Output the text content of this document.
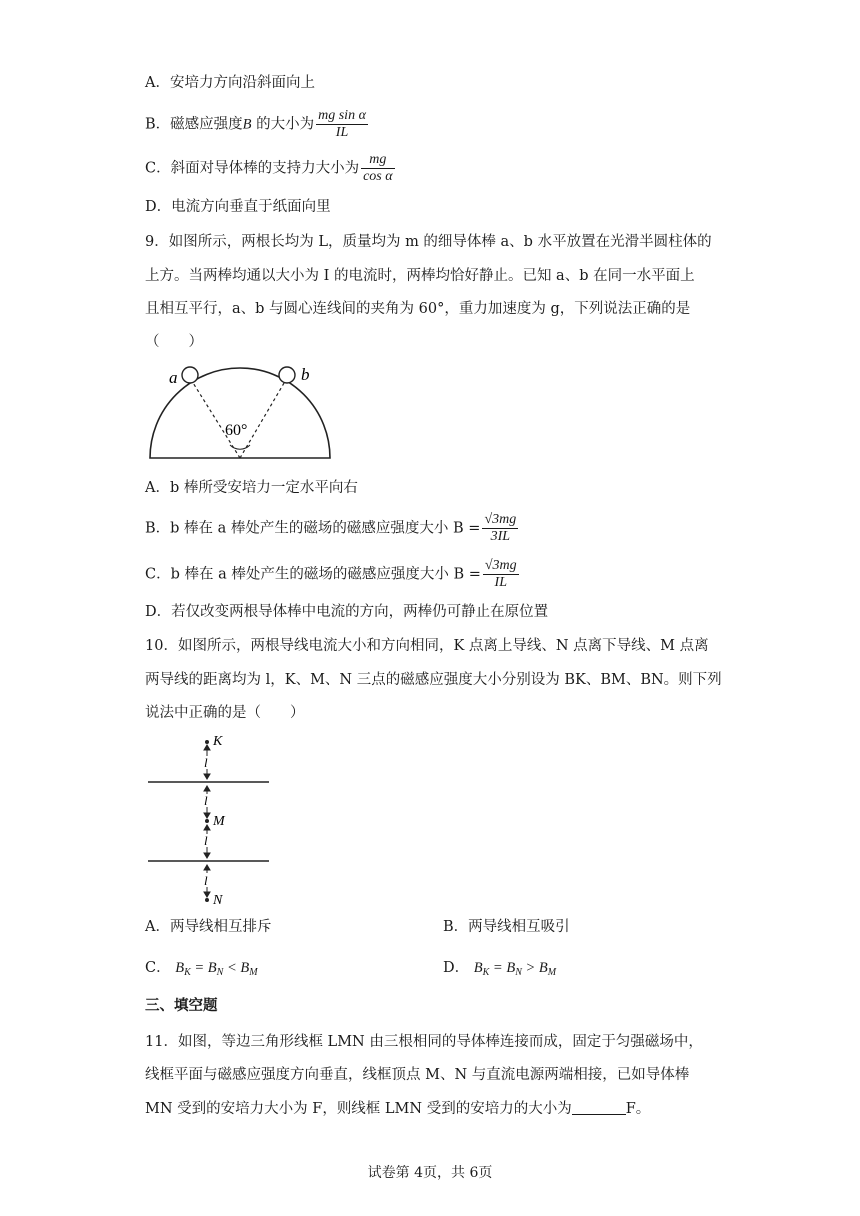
A．安培力方向沿斜面向上
B．磁感应强度B 的大小为 $\frac{\text{mg sin α}}{IL}$
C．斜面对导体棒的支持力大小为 $\frac{mg}{\text{cos α}}$
D．电流方向垂直于纸面向里
9．如图所示，两根长均为 L，质量均为 m 的细导体棒 a、b 水平放置在光滑半圆柱体的
上方。当两棒均通以大小为 I 的电流时，两棒均恰好静止。已知 a、b 在同一水平面上
且相互平行，a、b 与圆心连线间的夹角为 60°，重力加速度为 g，下列说法正确的是
（　　）
a	b
60°
A．b 棒所受安培力一定水平向右
B．b 棒在 a 棒处产生的磁场的磁感应强度大小 $B = \frac{√3mg}{3IL}$
C．b 棒在 a 棒处产生的磁场的磁感应强度大小 $B = \frac{√3mg}{IL}$
D．若仅改变两根导体棒中电流的方向，两棒仍可静止在原位置
10．如图所示，两根导线电流大小和方向相同，K 点离上导线、N 点离下导线、M 点离
两导线的距离均为 l，K、M、N 三点的磁感应强度大小分别设为 BK、BM、BN。则下列
说法中正确的是（　　）
K
M
N
l
l
l
l
A．两导线相互排斥	B．两导线相互吸引
C． $B_K = B_N < B_M$	D． $B_K = B_N > B_M$
三、填空题
11．如图，等边三角形线框 LMN 由三根相同的导体棒连接而成，固定于匀强磁场中，
线框平面与磁感应强度方向垂直，线框顶点 M、N 与直流电源两端相接，已如导体棒
MN 受到的安培力大小为 F，则线框 LMN 受到的安培力的大小为	F。
试卷第 4页，共 6页
